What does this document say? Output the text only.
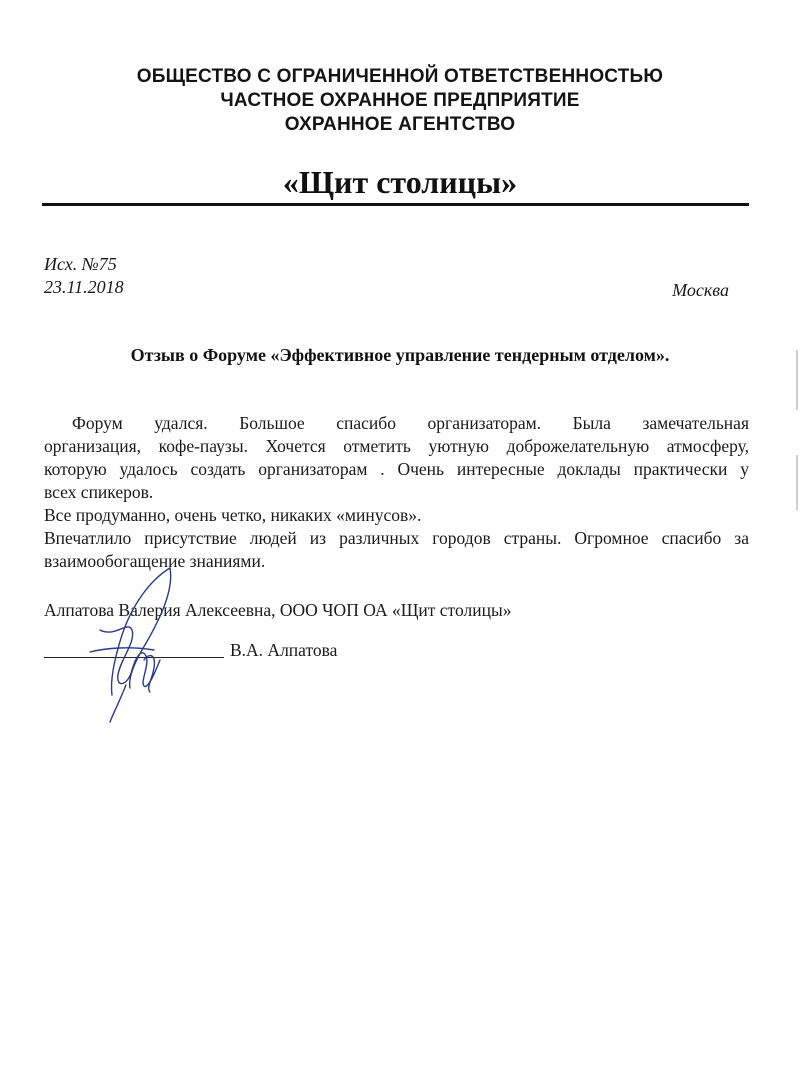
ОБЩЕСТВО С ОГРАНИЧЕННОЙ ОТВЕТСТВЕННОСТЬЮ
ЧАСТНОЕ ОХРАННОЕ ПРЕДПРИЯТИЕ
ОХРАННОЕ АГЕНТСТВО
«Щит столицы»
Исх. №75
23.11.2018	Москва
Отзыв о Форуме «Эффективное управление тендерным отделом».
Форум удался. Большое спасибо организаторам. Была замечательная
организация, кофе-паузы. Хочется отметить уютную доброжелательную атмосферу,
которую удалось создать организаторам . Очень интересные доклады практически у
всех спикеров.
Все продуманно, очень четко, никаких «минусов».
Впечатлило присутствие людей из различных городов страны. Огромное спасибо за
взаимообогащение знаниями.
Алпатова Валерия Алексеевна, ООО ЧОП ОА «Щит столицы»
В.А. Алпатова
